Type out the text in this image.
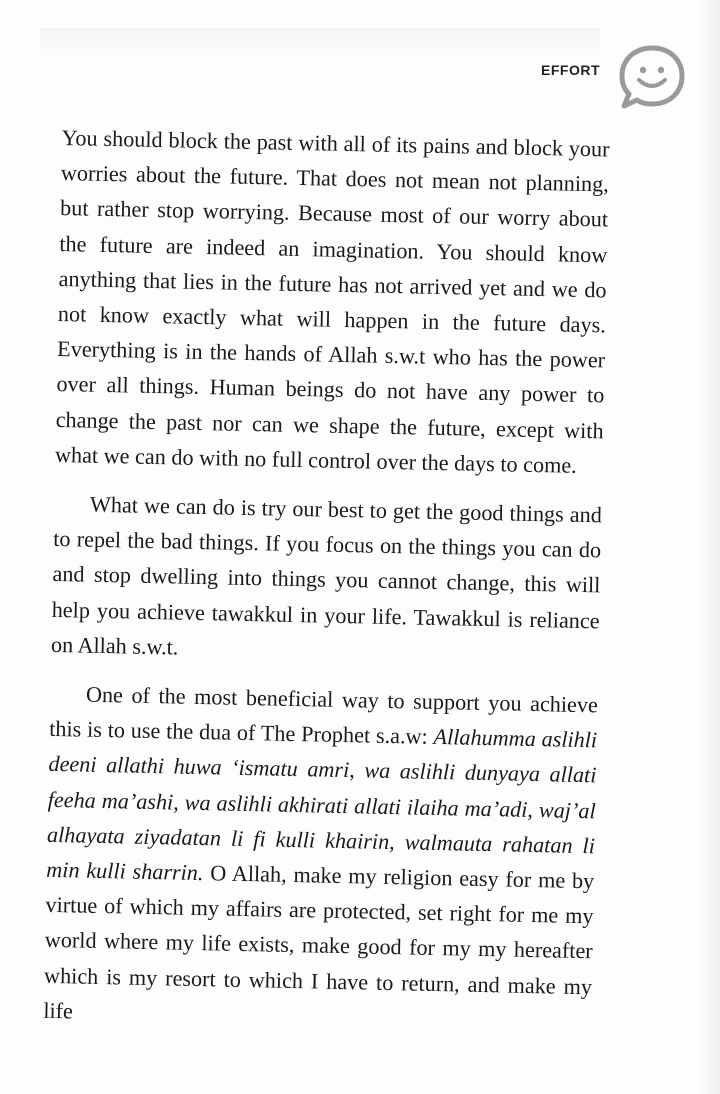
EFFORT

You should block the past with all of its pains and block your worries about the future. That does not mean not planning, but rather stop worrying. Because most of our worry about the future are indeed an imagination. You should know anything that lies in the future has not arrived yet and we do not know exactly what will happen in the future days. Everything is in the hands of Allah s.w.t who has the power over all things. Human beings do not have any power to change the past nor can we shape the future, except with what we can do with no full control over the days to come.

What we can do is try our best to get the good things and to repel the bad things. If you focus on the things you can do and stop dwelling into things you cannot change, this will help you achieve tawakkul in your life. Tawakkul is reliance on Allah s.w.t.

One of the most beneficial way to support you achieve this is to use the dua of The Prophet s.a.w: Allahumma aslihli deeni allathi huwa ‘ismatu amri, wa aslihli dunyaya allati feeha ma’ashi, wa aslihli akhirati allati ilaiha ma’adi, waj’al alhayata ziyadatan li fi kulli khairin, walmauta rahatan li min kulli sharrin. O Allah, make my religion easy for me by virtue of which my affairs are protected, set right for me my world where my life exists, make good for my my hereafter which is my resort to which I have to return, and make my life
